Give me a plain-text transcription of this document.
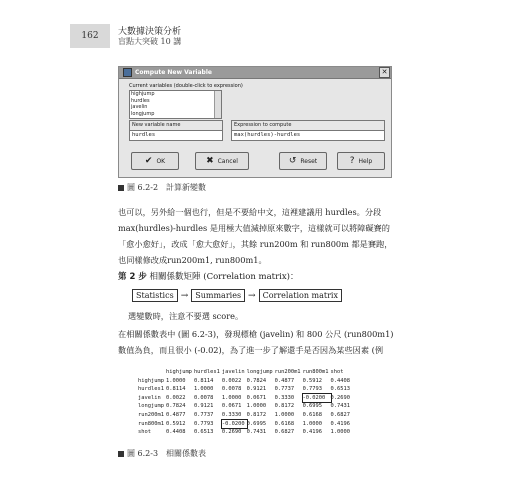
162	大數據決策分析
盲點大突破 10 講
Compute New Variable	✕
Current variables (double-click to expression)
highjump
hurdles
javelin
longjump
New variable name
hurdles
Expression to compute
max(hurdles)-hurdles
✔ OK	✖ Cancel	↺ Reset	? Help
圖 6.2-2　計算新變數
也可以，另外給一個也行，但是不要給中文，這裡建議用 hurdles。分段 max(hurdles)-hurdles 是用極大值減掉原來數字，這樣就可以將障礙賽的「愈小愈好」，改成「愈大愈好」，其餘 run200m 和 run800m 都是賽跑，也同樣修改成run200m1, run800m1。
第 2 步 相關係數矩陣 (Correlation matrix)：
Statistics → Summaries → Correlation matrix
選變數時，注意不要選 score。
在相關係數表中 (圖 6.2-3)，發現標槍 (javelin) 和 800 公尺 (run800m1) 數值為負，而且很小 (-0.02)，為了進一步了解還手是否因為某些因素 (例
	highjump	hurdles1	javelin	longjump	run200m1	run800m1	shot
highjump	1.0000	0.8114	0.0022	0.7824	0.4877	0.5912	0.4408
hurdles1	0.8114	1.0000	0.0078	0.9121	0.7737	0.7793	0.6513
javelin	0.0022	0.0078	1.0000	0.0671	0.3330	-0.0200	0.2690
longjump	0.7824	0.9121	0.0671	1.0000	0.8172	0.6995	0.7431
run200m1	0.4877	0.7737	0.3330	0.8172	1.0000	0.6168	0.6827
run800m1	0.5912	0.7793	-0.0200	0.6995	0.6168	1.0000	0.4196
shot	0.4408	0.6513	0.2690	0.7431	0.6827	0.4196	1.0000
圖 6.2-3　相關係數表
